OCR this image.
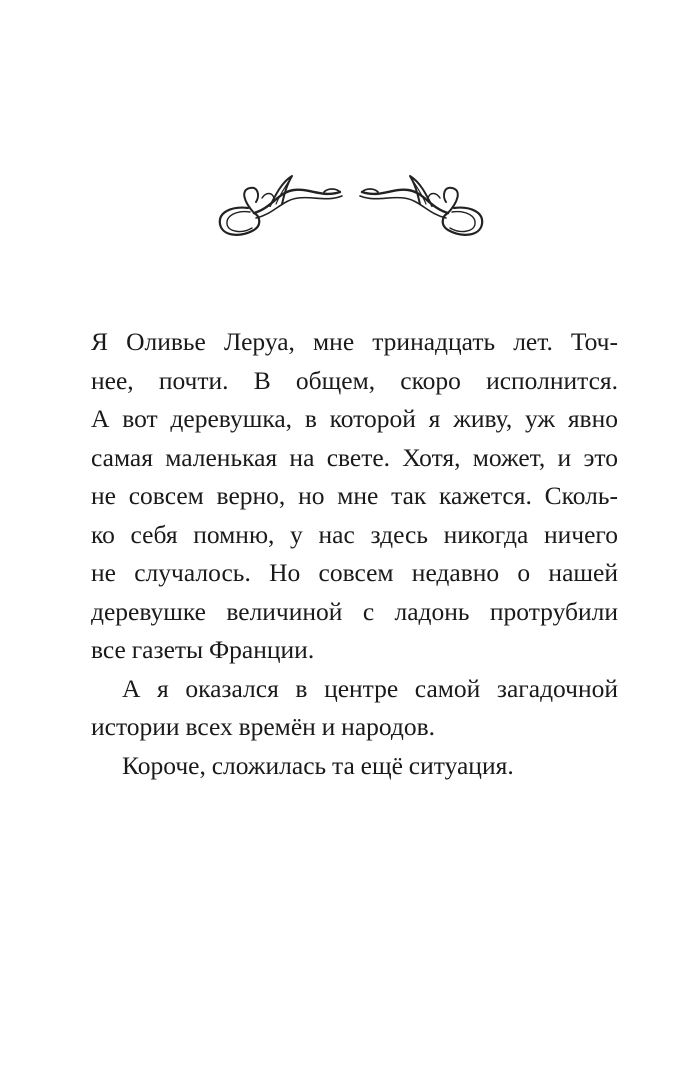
Я Оливье Леруа, мне тринадцать лет. Точ-
нее, почти. В общем, скоро исполнится.
А вот деревушка, в которой я живу, уж явно
самая маленькая на свете. Хотя, может, и это
не совсем верно, но мне так кажется. Сколь-
ко себя помню, у нас здесь никогда ничего
не случалось. Но совсем недавно о нашей
деревушке величиной с ладонь протрубили
все газеты Франции.
А я оказался в центре самой загадочной
истории всех времён и народов.
Короче, сложилась та ещё ситуация.
